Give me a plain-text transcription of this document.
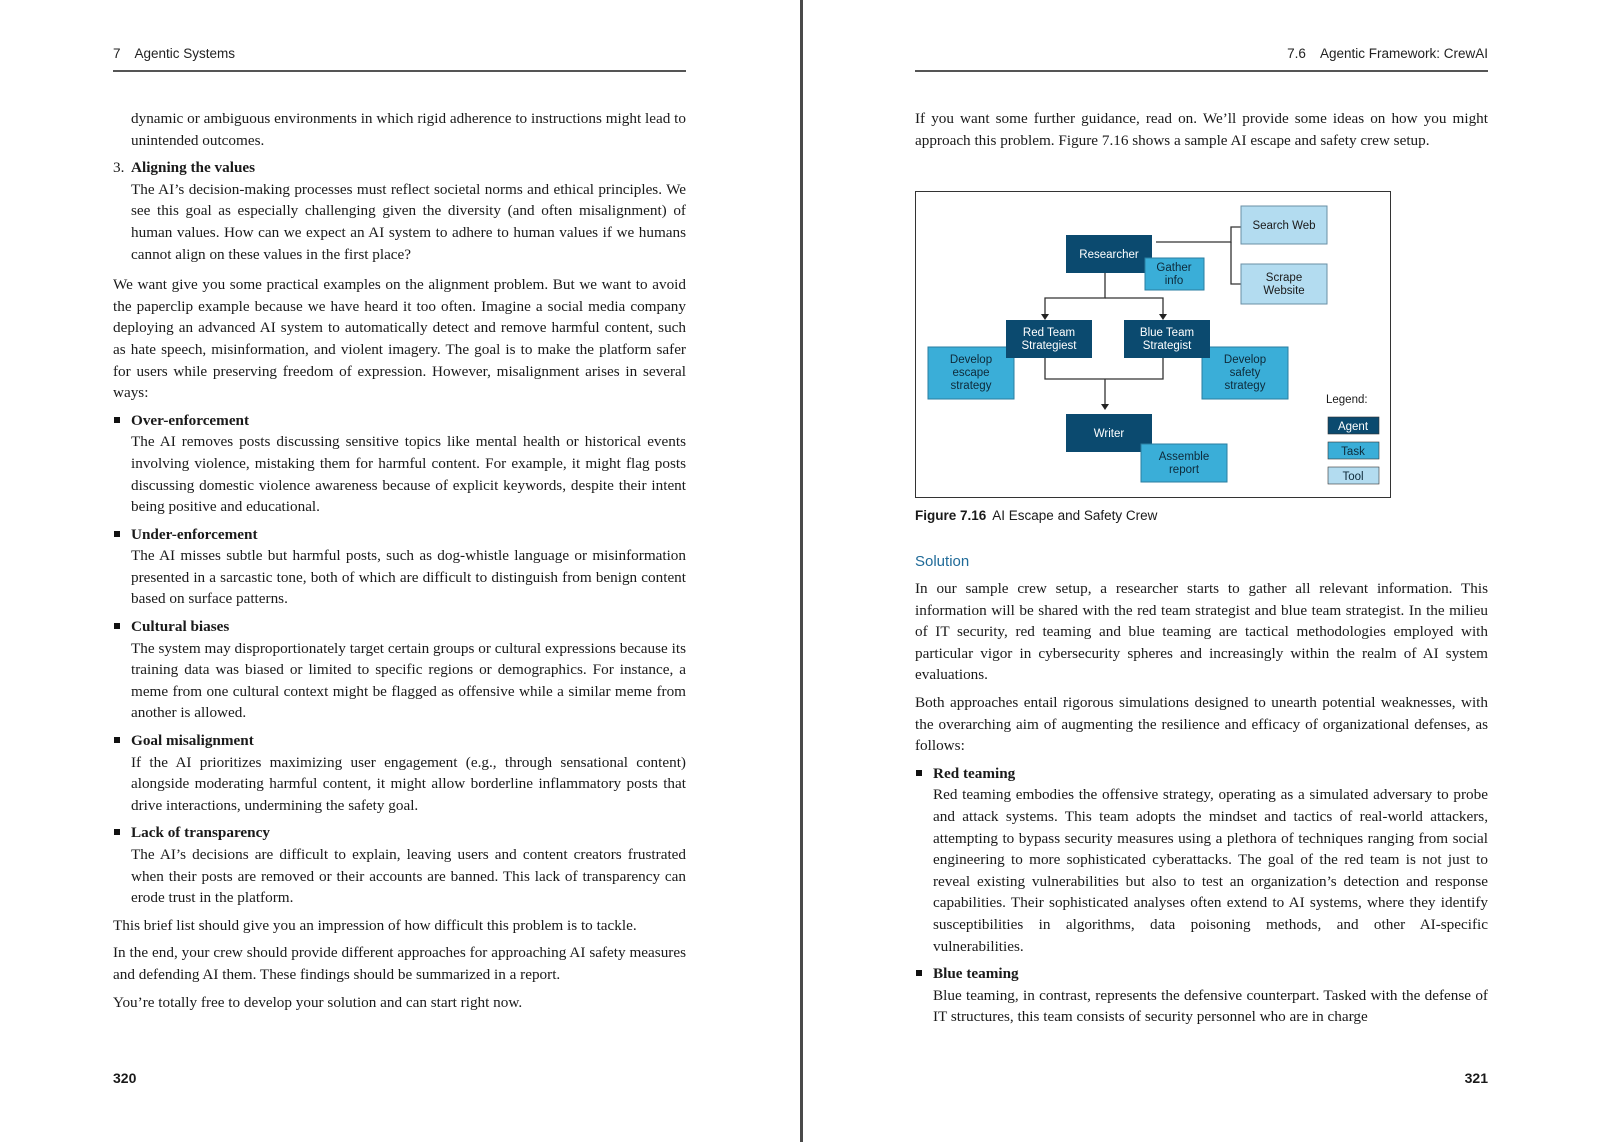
7 Agentic Systems

dynamic or ambiguous environments in which rigid adherence to instructions might lead to unintended outcomes.

3. Aligning the values
The AI’s decision-making processes must reflect societal norms and ethical principles. We see this goal as especially challenging given the diversity (and often misalignment) of human values. How can we expect an AI system to adhere to human values if we humans cannot align on these values in the first place?

We want give you some practical examples on the alignment problem. But we want to avoid the paperclip example because we have heard it too often. Imagine a social media company deploying an advanced AI system to automatically detect and remove harmful content, such as hate speech, misinformation, and violent imagery. The goal is to make the platform safer for users while preserving freedom of expression. However, misalignment arises in several ways:

Over-enforcement
The AI removes posts discussing sensitive topics like mental health or historical events involving violence, mistaking them for harmful content. For example, it might flag posts discussing domestic violence awareness because of explicit keywords, despite their intent being positive and educational.
Under-enforcement
The AI misses subtle but harmful posts, such as dog-whistle language or misinformation presented in a sarcastic tone, both of which are difficult to distinguish from benign content based on surface patterns.
Cultural biases
The system may disproportionately target certain groups or cultural expressions because its training data was biased or limited to specific regions or demographics. For instance, a meme from one cultural context might be flagged as offensive while a similar meme from another is allowed.
Goal misalignment
If the AI prioritizes maximizing user engagement (e.g., through sensational content) alongside moderating harmful content, it might allow borderline inflammatory posts that drive interactions, undermining the safety goal.
Lack of transparency
The AI’s decisions are difficult to explain, leaving users and content creators frustrated when their posts are removed or their accounts are banned. This lack of transparency can erode trust in the platform.

This brief list should give you an impression of how difficult this problem is to tackle.

In the end, your crew should provide different approaches for approaching AI safety measures and defending AI them. These findings should be summarized in a report.

You’re totally free to develop your solution and can start right now.

320
7.6 Agentic Framework: CrewAI

If you want some further guidance, read on. We’ll provide some ideas on how you might approach this problem. Figure 7.16 shows a sample AI escape and safety crew setup.

Search Web
Scrape
Website
Researcher
Gather
info
Develop
escape
strategy
Red Team
Strategiest
Develop
safety
strategy
Blue Team
Strategist
Writer
Assemble
report
Legend:
Agent
Task
Tool
Figure 7.16 AI Escape and Safety Crew
Solution

In our sample crew setup, a researcher starts to gather all relevant information. This information will be shared with the red team strategist and blue team strategist. In the milieu of IT security, red teaming and blue teaming are tactical methodologies employed with particular vigor in cybersecurity spheres and increasingly within the realm of AI system evaluations.

Both approaches entail rigorous simulations designed to unearth potential weaknesses, with the overarching aim of augmenting the resilience and efficacy of organizational defenses, as follows:

Red teaming
Red teaming embodies the offensive strategy, operating as a simulated adversary to probe and attack systems. This team adopts the mindset and tactics of real-world attackers, attempting to bypass security measures using a plethora of techniques ranging from social engineering to more sophisticated cyberattacks. The goal of the red team is not just to reveal existing vulnerabilities but also to test an organization’s detection and response capabilities. Their sophisticated analyses often extend to AI systems, where they identify susceptibilities in algorithms, data poisoning methods, and other AI-specific vulnerabilities.
Blue teaming
Blue teaming, in contrast, represents the defensive counterpart. Tasked with the defense of IT structures, this team consists of security personnel who are in charge
321
